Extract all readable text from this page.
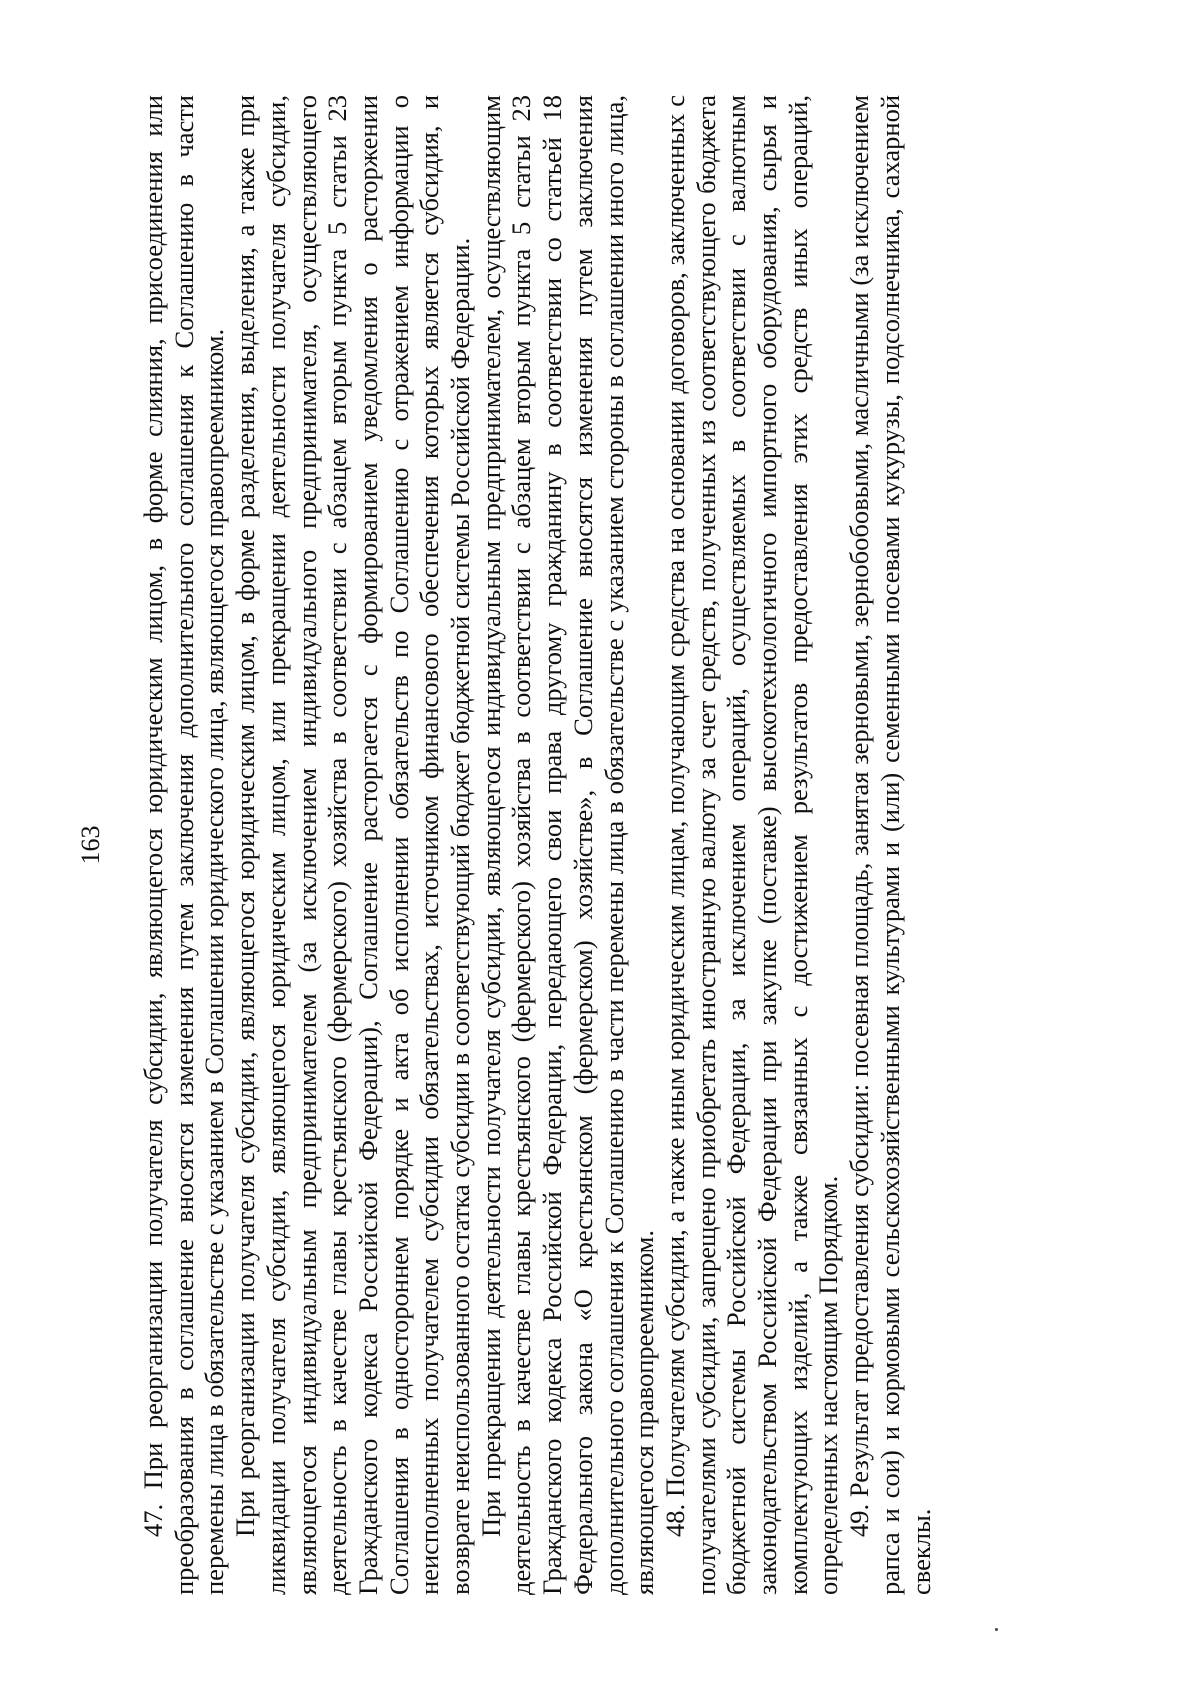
163 47. При реорганизации получателя субсидии, являющегося юридическим лицом, в форме слияния, присоединения или преобразования в соглашение вносятся изменения путем заключения дополнительного соглашения к Соглашению в части перемены лица в обязательстве с указанием в Соглашении юридического лица, являющегося правопреемником. При реорганизации получателя субсидии, являющегося юридическим лицом, в форме разделения, выделения, а также при ликвидации получателя субсидии, являющегося юридическим лицом, или прекращении деятельности получателя субсидии, являющегося индивидуальным предпринимателем (за исключением индивидуального предпринимателя, осуществляющего деятельность в качестве главы крестьянского (фермерского) хозяйства в соответствии с абзацем вторым пункта 5 статьи 23 Гражданского кодекса Российской Федерации), Соглашение расторгается с формированием уведомления о расторжении Соглашения в одностороннем порядке и акта об исполнении обязательств по Соглашению с отражением информации о неисполненных получателем субсидии обязательствах, источником финансового обеспечения которых является субсидия, и возврате неиспользованного остатка субсидии в соответствующий бюджет бюджетной системы Российской Федерации. При прекращении деятельности получателя субсидии, являющегося индивидуальным предпринимателем, осуществляющим деятельность в качестве главы крестьянского (фермерского) хозяйства в соответствии с абзацем вторым пункта 5 статьи 23 Гражданского кодекса Российской Федерации, передающего свои права другому гражданину в соответствии со статьей 18 Федерального закона «О крестьянском (фермерском) хозяйстве», в Соглашение вносятся изменения путем заключения дополнительного соглашения к Соглашению в части перемены лица в обязательстве с указанием стороны в соглашении иного лица, являющегося правопреемником. 48. Получателям субсидии, а также иным юридическим лицам, получающим средства на основании договоров, заключенных с получателями субсидии, запрещено приобретать иностранную валюту за счет средств, полученных из соответствующего бюджета бюджетной системы Российской Федерации, за исключением операций, осуществляемых в соответствии с валютным законодательством Российской Федерации при закупке (поставке) высокотехнологичного импортного оборудования, сырья и комплектующих изделий, а также связанных с достижением результатов предоставления этих средств иных операций, определенных настоящим Порядком. 49. Результат предоставления субсидии: посевная площадь, занятая зерновыми, зернобобовыми, масличными (за исключением рапса и сои) и кормовыми сельскохозяйственными культурами и (или) семенными посевами кукурузы, подсолнечника, сахарной свеклы.
